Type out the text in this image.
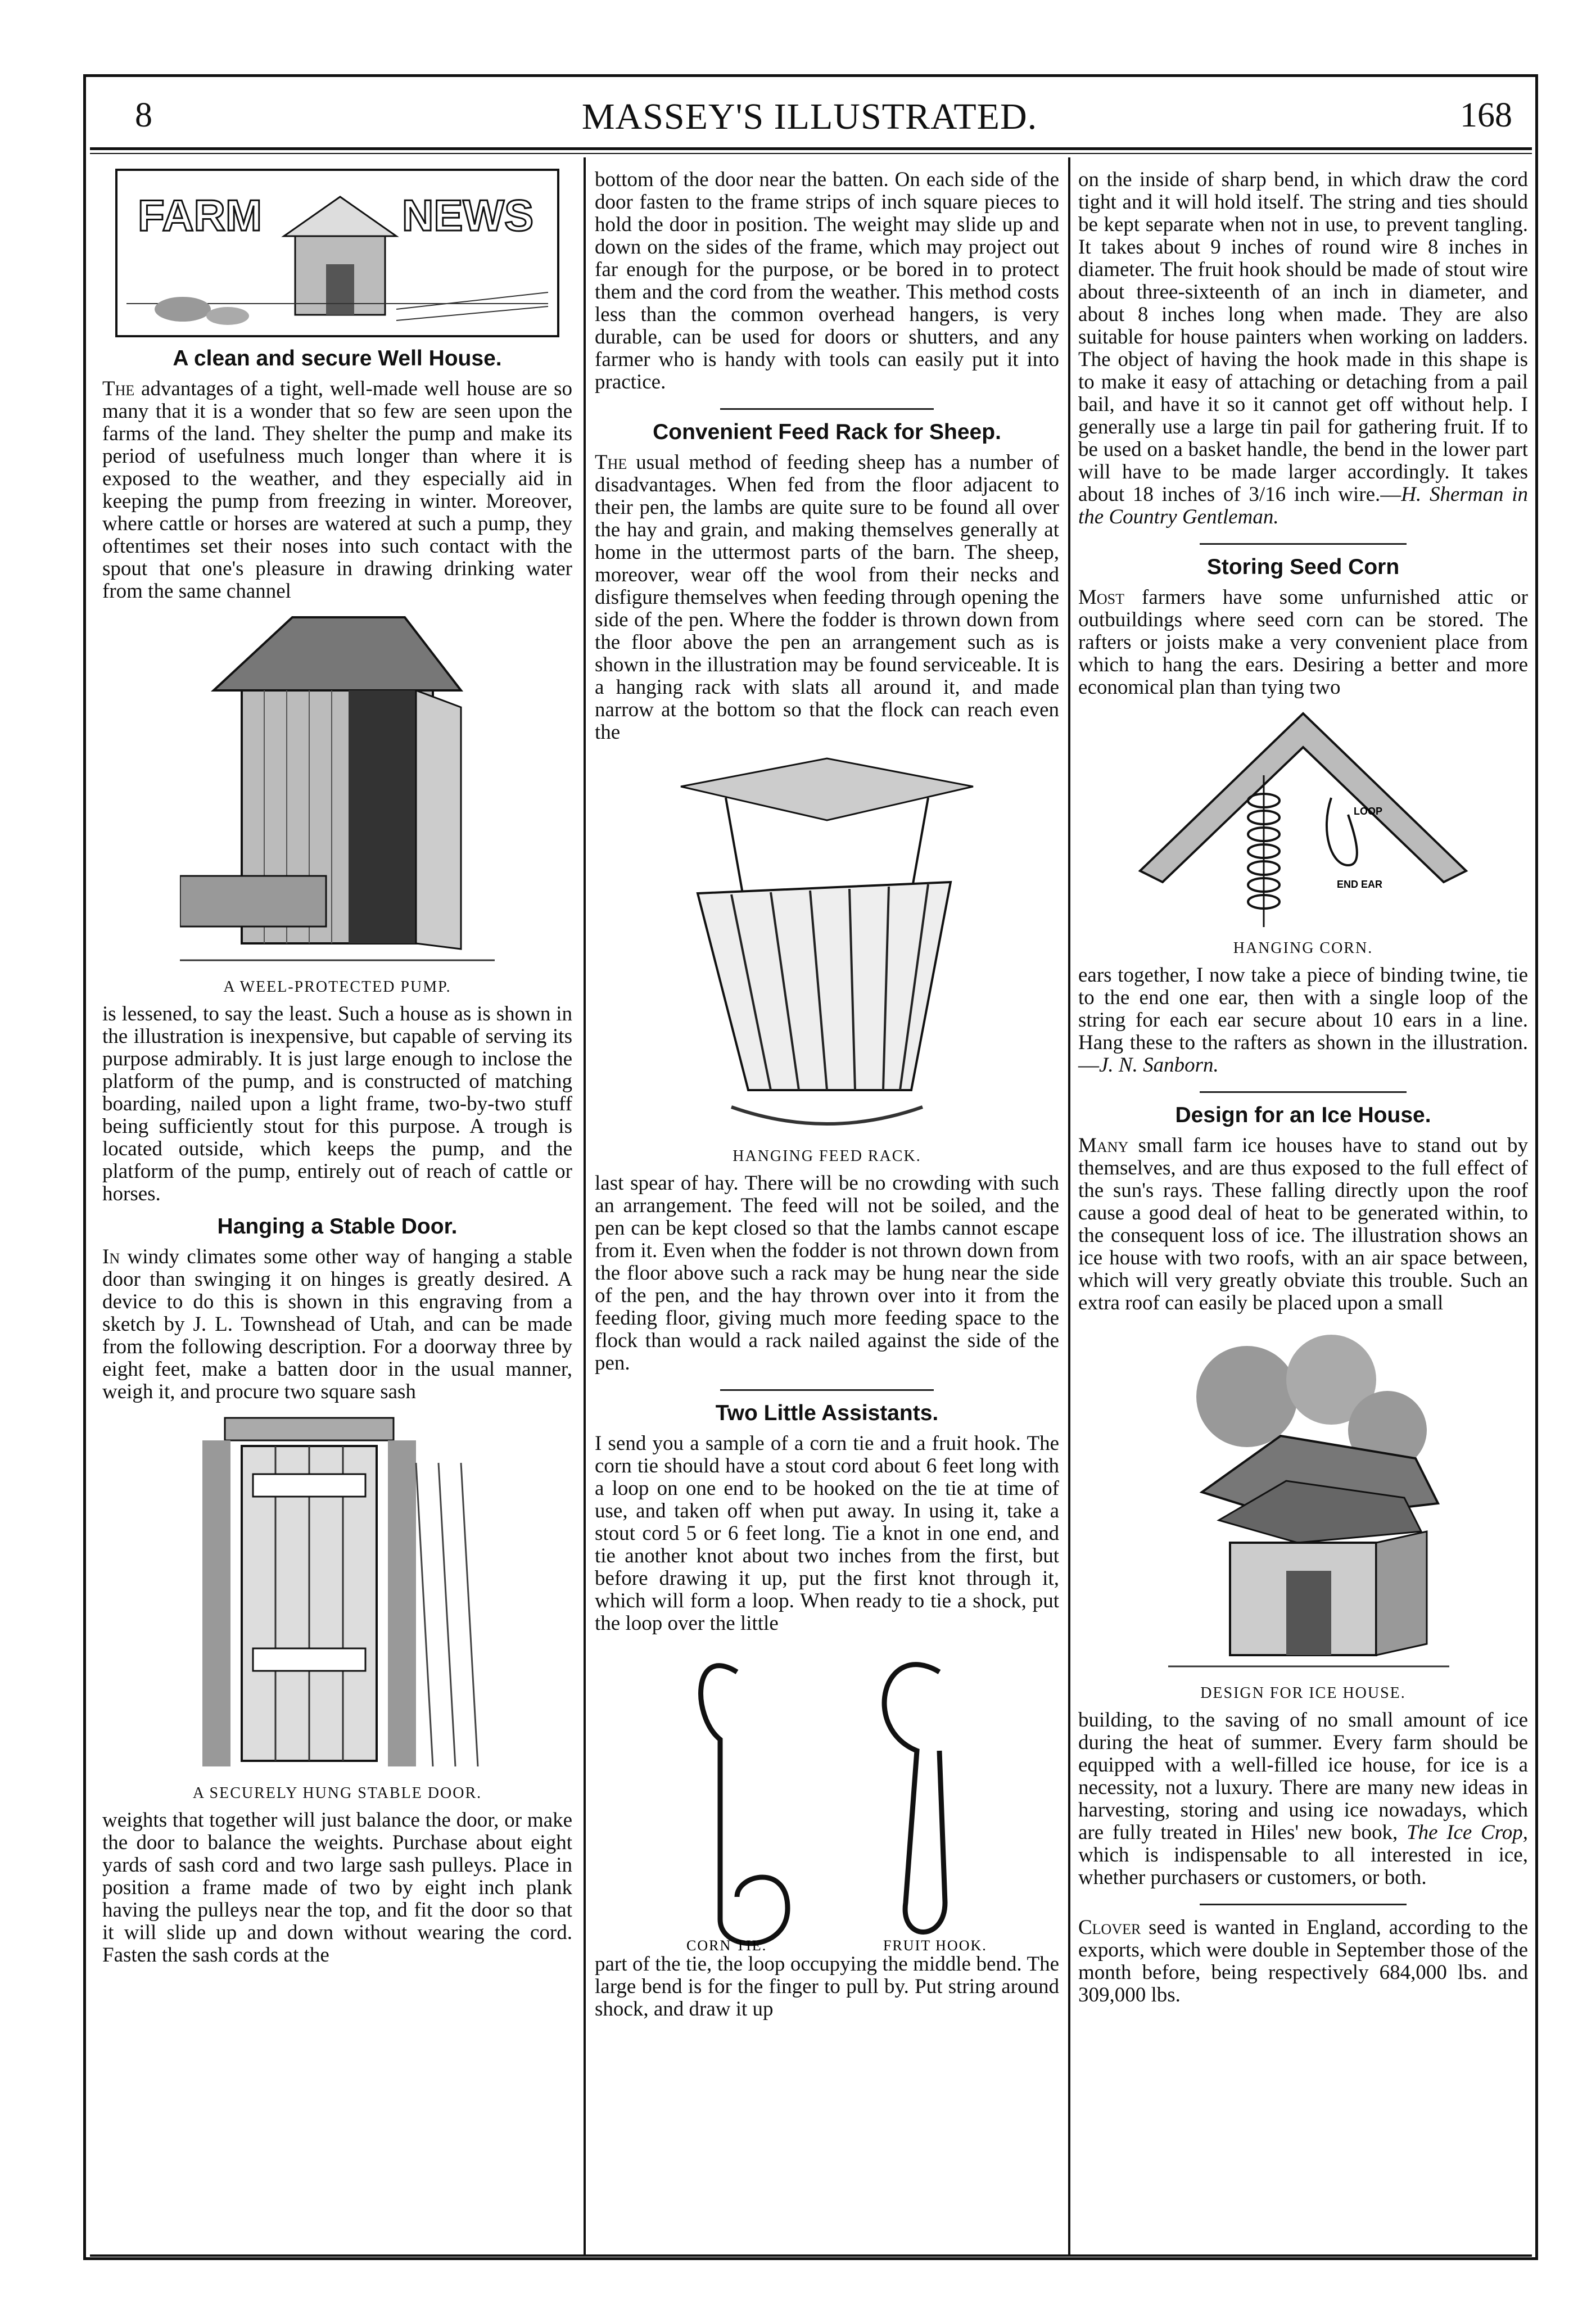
8	MASSEY'S ILLUSTRATED.	168
FARM	NEWS
A clean and secure Well House.

The advantages of a tight, well-made well house are so many that it is a wonder that so few are seen upon the farms of the land. They shelter the pump and make its period of usefulness much longer than where it is exposed to the weather, and they especially aid in keeping the pump from freezing in winter. Moreover, where cattle or horses are watered at such a pump, they oftentimes set their noses into such contact with the spout that one's pleasure in drawing drinking water from the same channel

A WEEL-PROTECTED PUMP.

is lessened, to say the least. Such a house as is shown in the illustration is inexpensive, but capable of serving its purpose admirably. It is just large enough to inclose the platform of the pump, and is constructed of matching boarding, nailed upon a light frame, two-by-two stuff being sufficiently stout for this purpose. A trough is located outside, which keeps the pump, and the platform of the pump, entirely out of reach of cattle or horses.

Hanging a Stable Door.

In windy climates some other way of hanging a stable door than swinging it on hinges is greatly desired. A device to do this is shown in this engraving from a sketch by J. L. Townshead of Utah, and can be made from the following description. For a doorway three by eight feet, make a batten door in the usual manner, weigh it, and procure two square sash

A SECURELY HUNG STABLE DOOR.

weights that together will just balance the door, or make the door to balance the weights. Purchase about eight yards of sash cord and two large sash pulleys. Place in position a frame made of two by eight inch plank having the pulleys near the top, and fit the door so that it will slide up and down without wearing the cord. Fasten the sash cords at the

bottom of the door near the batten. On each side of the door fasten to the frame strips of inch square pieces to hold the door in position. The weight may slide up and down on the sides of the frame, which may project out far enough for the purpose, or be bored in to protect them and the cord from the weather. This method costs less than the common overhead hangers, is very durable, can be used for doors or shutters, and any farmer who is handy with tools can easily put it into practice.

Convenient Feed Rack for Sheep.

The usual method of feeding sheep has a number of disadvantages. When fed from the floor adjacent to their pen, the lambs are quite sure to be found all over the hay and grain, and making themselves generally at home in the uttermost parts of the barn. The sheep, moreover, wear off the wool from their necks and disfigure themselves when feeding through opening the side of the pen. Where the fodder is thrown down from the floor above the pen an arrangement such as is shown in the illustration may be found serviceable. It is a hanging rack with slats all around it, and made narrow at the bottom so that the flock can reach even the

HANGING FEED RACK.

last spear of hay. There will be no crowding with such an arrangement. The feed will not be soiled, and the pen can be kept closed so that the lambs cannot escape from it. Even when the fodder is not thrown down from the floor above such a rack may be hung near the side of the pen, and the hay thrown over into it from the feeding floor, giving much more feeding space to the flock than would a rack nailed against the side of the pen.

Two Little Assistants.

I send you a sample of a corn tie and a fruit hook. The corn tie should have a stout cord about 6 feet long with a loop on one end to be hooked on the tie at time of use, and taken off when put away. In using it, take a stout cord 5 or 6 feet long. Tie a knot in one end, and tie another knot about two inches from the first, but before drawing it up, put the first knot through it, which will form a loop. When ready to tie a shock, put the loop over the little

CORN TIE.	FRUIT HOOK.

part of the tie, the loop occupying the middle bend. The large bend is for the finger to pull by. Put string around shock, and draw it up

on the inside of sharp bend, in which draw the cord tight and it will hold itself. The string and ties should be kept separate when not in use, to prevent tangling. It takes about 9 inches of round wire 8 inches in diameter. The fruit hook should be made of stout wire about three-sixteenth of an inch in diameter, and about 8 inches long when made. They are also suitable for house painters when working on ladders. The object of having the hook made in this shape is to make it easy of attaching or detaching from a pail bail, and have it so it cannot get off without help. I generally use a large tin pail for gathering fruit. If to be used on a basket handle, the bend in the lower part will have to be made larger accordingly. It takes about 18 inches of 3/16 inch wire.—H. Sherman in the Country Gentleman.

Storing Seed Corn

Most farmers have some unfurnished attic or outbuildings where seed corn can be stored. The rafters or joists make a very convenient place from which to hang the ears. Desiring a better and more economical plan than tying two

LOOP
END EAR
HANGING CORN.

ears together, I now take a piece of binding twine, tie to the end one ear, then with a single loop of the string for each ear secure about 10 ears in a line. Hang these to the rafters as shown in the illustration.—J. N. Sanborn.

Design for an Ice House.

Many small farm ice houses have to stand out by themselves, and are thus exposed to the full effect of the sun's rays. These falling directly upon the roof cause a good deal of heat to be generated within, to the consequent loss of ice. The illustration shows an ice house with two roofs, with an air space between, which will very greatly obviate this trouble. Such an extra roof can easily be placed upon a small

DESIGN FOR ICE HOUSE.

building, to the saving of no small amount of ice during the heat of summer. Every farm should be equipped with a well-filled ice house, for ice is a necessity, not a luxury. There are many new ideas in harvesting, storing and using ice nowadays, which are fully treated in Hiles' new book, The Ice Crop, which is indispensable to all interested in ice, whether purchasers or customers, or both.

Clover seed is wanted in England, according to the exports, which were double in September those of the month before, being respectively 684,000 lbs. and 309,000 lbs.
